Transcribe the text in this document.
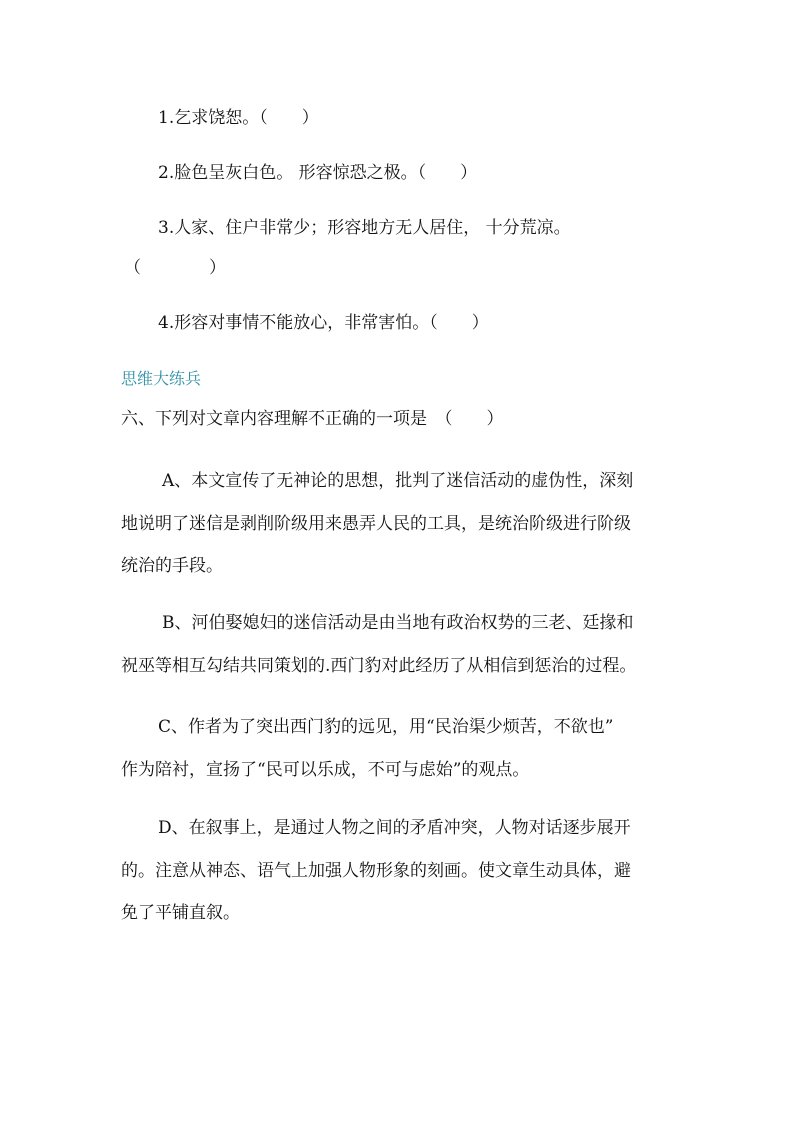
1.乞求饶恕。（　　）
2.脸色呈灰白色。 形容惊恐之极。（　　）
3.人家、住户非常少；形容地方无人居住， 十分荒凉。
（　　　　）
4.形容对事情不能放心，非常害怕。（　　）
思维大练兵
六、下列对文章内容理解不正确的一项是　（　　）
A、本文宣传了无神论的思想，批判了迷信活动的虚伪性，深刻
地说明了迷信是剥削阶级用来愚弄人民的工具，是统治阶级进行阶级
统治的手段。
B、河伯娶媳妇的迷信活动是由当地有政治权势的三老、廷掾和
祝巫等相互勾结共同策划的.西门豹对此经历了从相信到惩治的过程。
C、作者为了突出西门豹的远见，用“民治渠少烦苦，不欲也”
作为陪衬，宣扬了“民可以乐成，不可与虑始”的观点。
D、在叙事上，是通过人物之间的矛盾冲突，人物对话逐步展开
的。注意从神态、语气上加强人物形象的刻画。使文章生动具体，避
免了平铺直叙。
